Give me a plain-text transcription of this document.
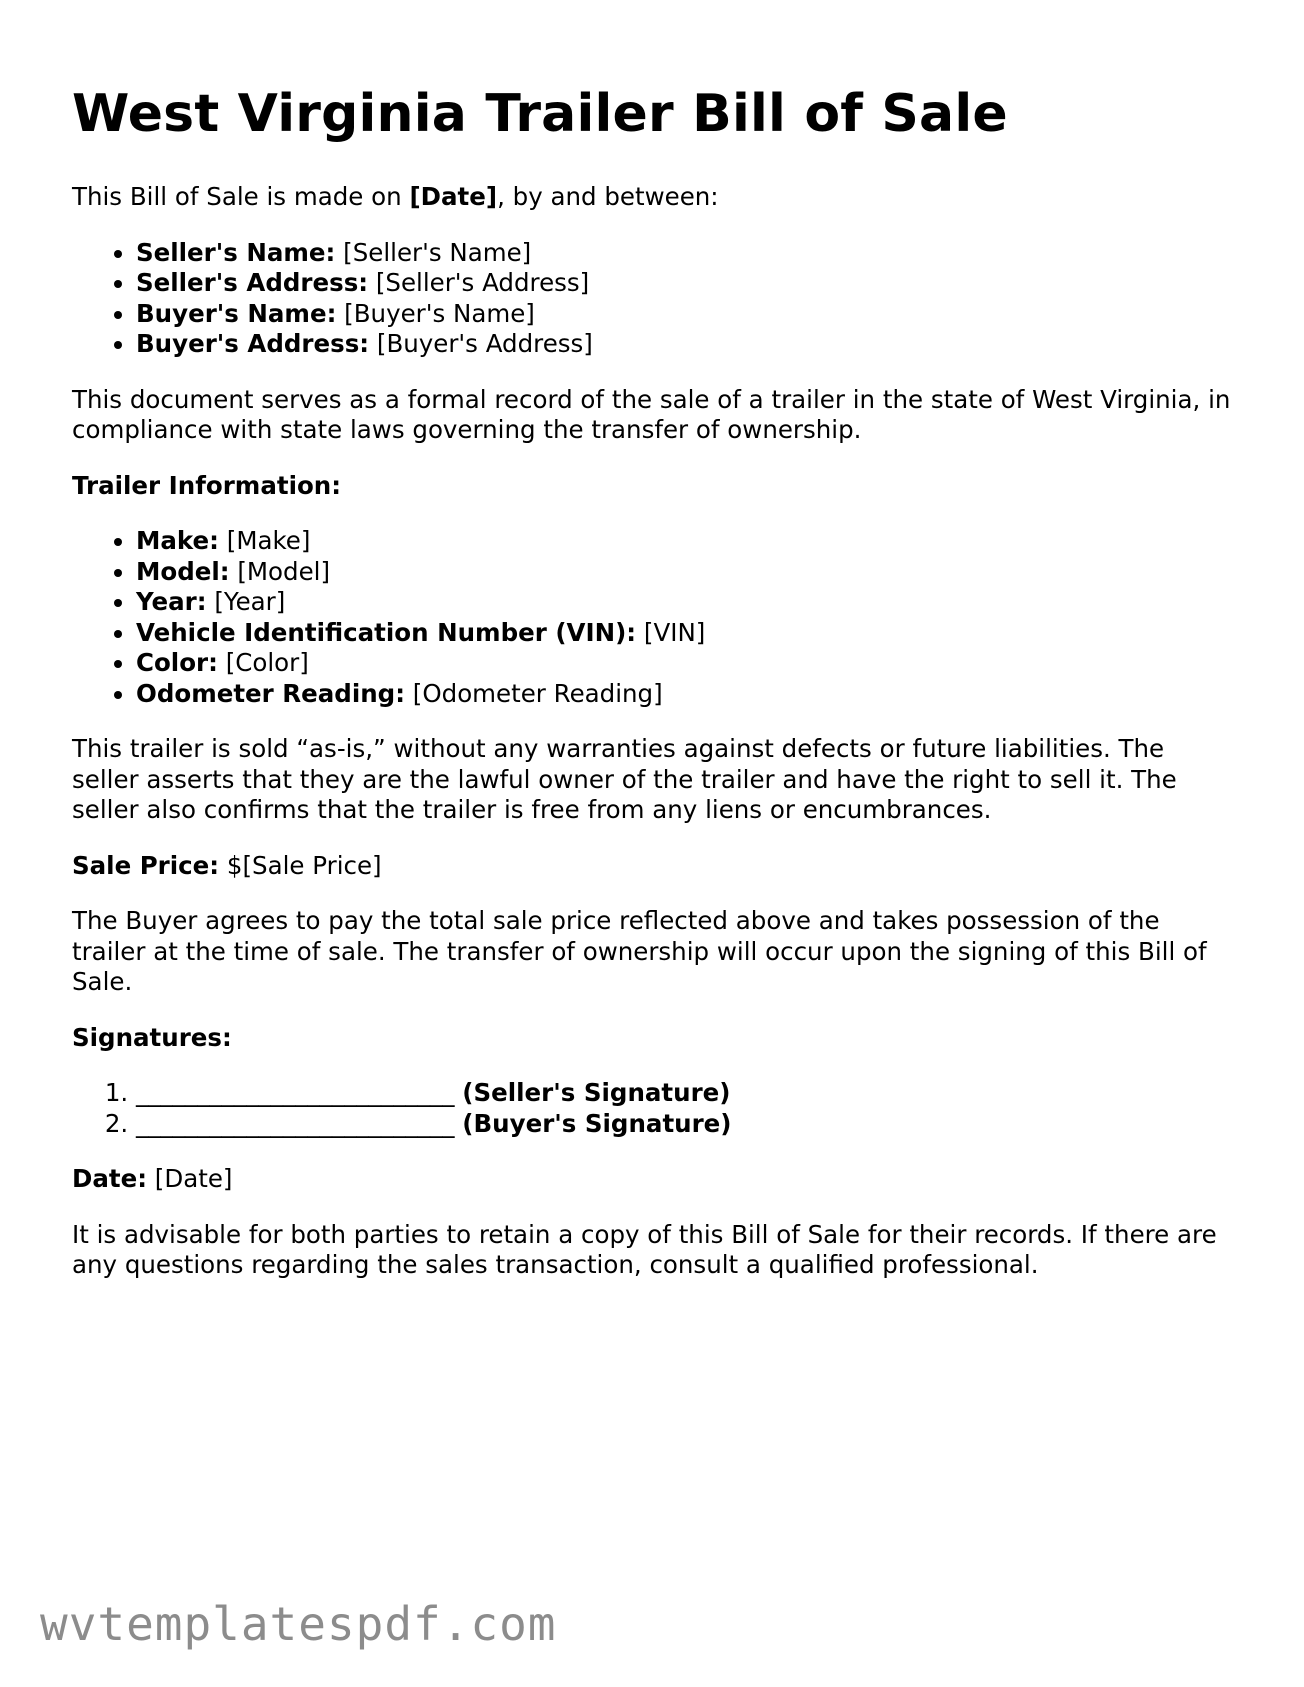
West Virginia Trailer Bill of Sale

This Bill of Sale is made on [Date], by and between:

• Seller's Name: [Seller's Name]
• Seller's Address: [Seller's Address]
• Buyer's Name: [Buyer's Name]
• Buyer's Address: [Buyer's Address]

This document serves as a formal record of the sale of a trailer in the state of West Virginia, in compliance with state laws governing the transfer of ownership.

Trailer Information:

• Make: [Make]
• Model: [Model]
• Year: [Year]
• Vehicle Identification Number (VIN): [VIN]
• Color: [Color]
• Odometer Reading: [Odometer Reading]

This trailer is sold “as-is,” without any warranties against defects or future liabilities. The seller asserts that they are the lawful owner of the trailer and have the right to sell it. The seller also confirms that the trailer is free from any liens or encumbrances.

Sale Price: $[Sale Price]

The Buyer agrees to pay the total sale price reflected above and takes possession of the trailer at the time of sale. The transfer of ownership will occur upon the signing of this Bill of Sale.

Signatures:

1. __________________________ (Seller's Signature)
2. __________________________ (Buyer's Signature)

Date: [Date]

It is advisable for both parties to retain a copy of this Bill of Sale for their records. If there are any questions regarding the sales transaction, consult a qualified professional.

wvtemplatespdf.com
